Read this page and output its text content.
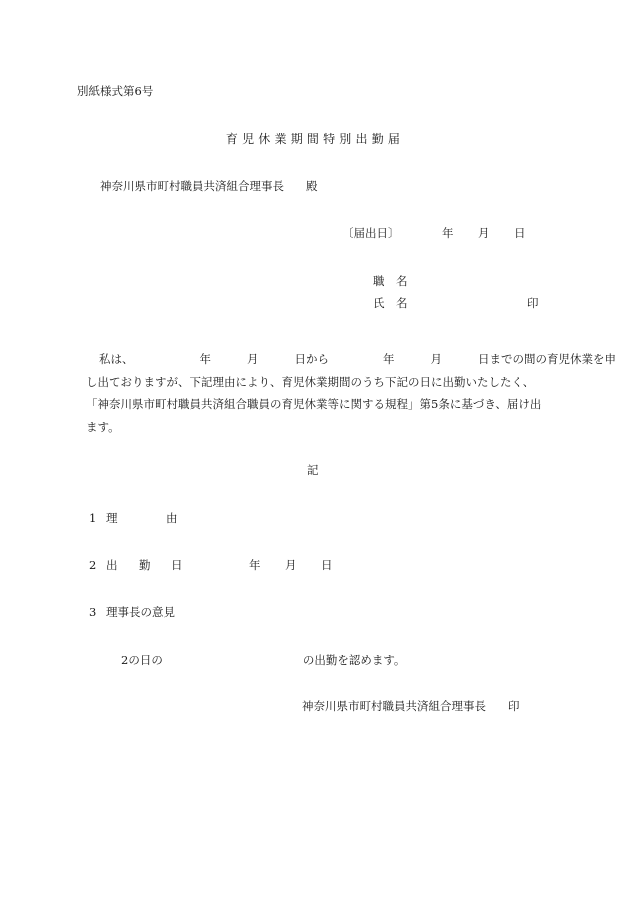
別紙様式第6号
育児休業期間特別出勤届
神奈川県市町村職員共済組合理事長 殿
〔届出日〕	年 月 日
職　名
氏　名	印

私は、	年	月	日から	年	月	日までの間の育児休業を申

し出ておりますが、下記理由により、育児休業期間のうち下記の日に出勤いたしたく、

「神奈川県市町村職員共済組合職員の育児休業等に関する規程」第5条に基づき、届け出

ます。

記
1 理	由
2 出 勤 日	年 月 日
3 理事長の意見
2の日の	の出勤を認めます。
神奈川県市町村職員共済組合理事長 印
